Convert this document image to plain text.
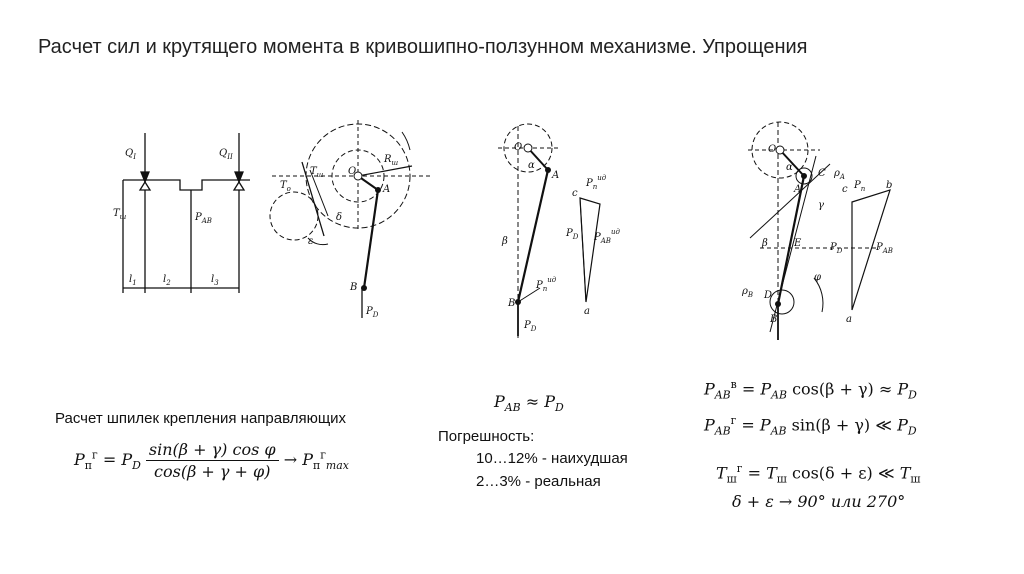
Расчет сил и крутящего момента в кривошипно-ползунном механизме. Упрощения
$Q_I$	$Q_{II}$
$T_ш$	$P_{AB}$
$l_1$	$l_2$	$l_3$
O
A
B
$R_ш$
$T_о$
$T_ш$
δ
ε
$P_D$
O
A
B
α
β
$P_п^{ид}$
$P_D$
c
a
$P_п^{ид}$
$P_D$ $P_{AB}^{ид}$
O
A
B
C
D
E
α
β
γ
φ
$\rho_A$
$\rho_B$
c	b
a
$P_п$
$P_D$	$P_{AB}$
Расчет шпилек крепления направляющих
$P_п^г = P_D \frac{\text{sin(β + γ) cos φ}}{\cos(\beta + \gamma + \varphi)} \to P_п^г_{max}$
$P_{AB} \approx P_D$
Погрешность:
10…12% - наихудшая
2…3% - реальная
$P_{AB}^в = P_{AB}$ $\cos(\beta + \gamma) \approx P_D$
$P_{AB}^г = P_{AB}$ sin(β + γ) ≪ $P_D$
$T_ш^г = T_ш$ cos(δ + ε) ≪ $T_ш$
δ + ε → 90° или 270°
